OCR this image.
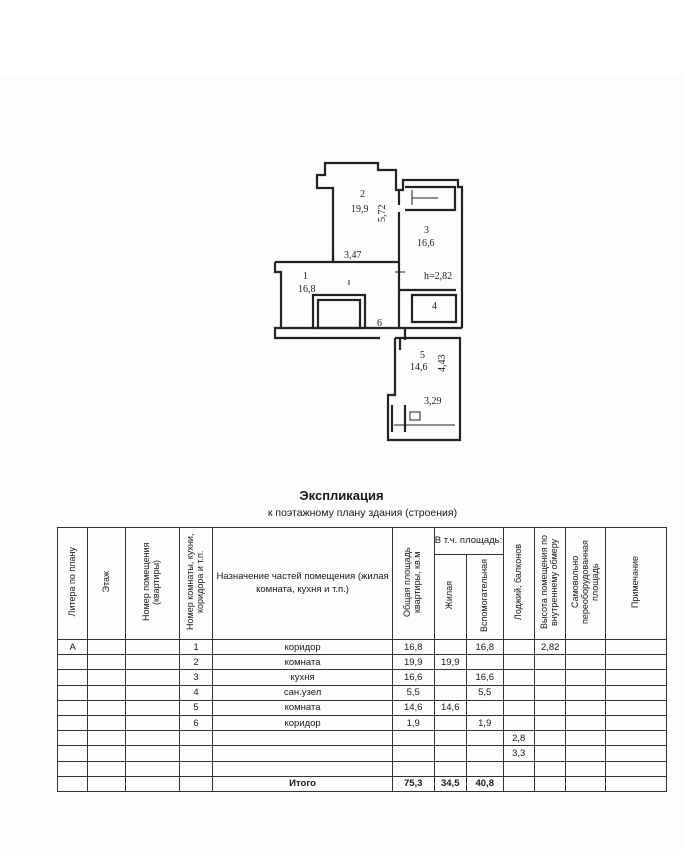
2
19,9 5,72
3
16,6
3,47
h=2,82
1
16,8
4
6
5
14,6 4,43
3,29
Экспликация
к поэтажному плану здания (строения)
Литера по плану	Этаж	Номер помещения (квартиры)	Номер комнаты, кухни, коридора и т.п.	Назначение частей помещения (жилая комната, кухня и т.п.)	Общая площадь квартиры, кв.м	В т.ч. площадь:		Лоджий, балконов	Высота помещения по внутреннему обмеру	Самовольно переоборудованная площадь	Примечание
						Жилая	Вспомогательная				
А			1	коридор	16,8		16,8		2,82		
			2	комната	19,9	19,9					
			3	кухня	16,6		16,6				
			4	сан.узел	5,5		5,5				
			5	комната	14,6	14,6					
			6	коридор	1,9		1,9				
								2,8			
								3,3			

				Итого	75,3	34,5	40,8				
